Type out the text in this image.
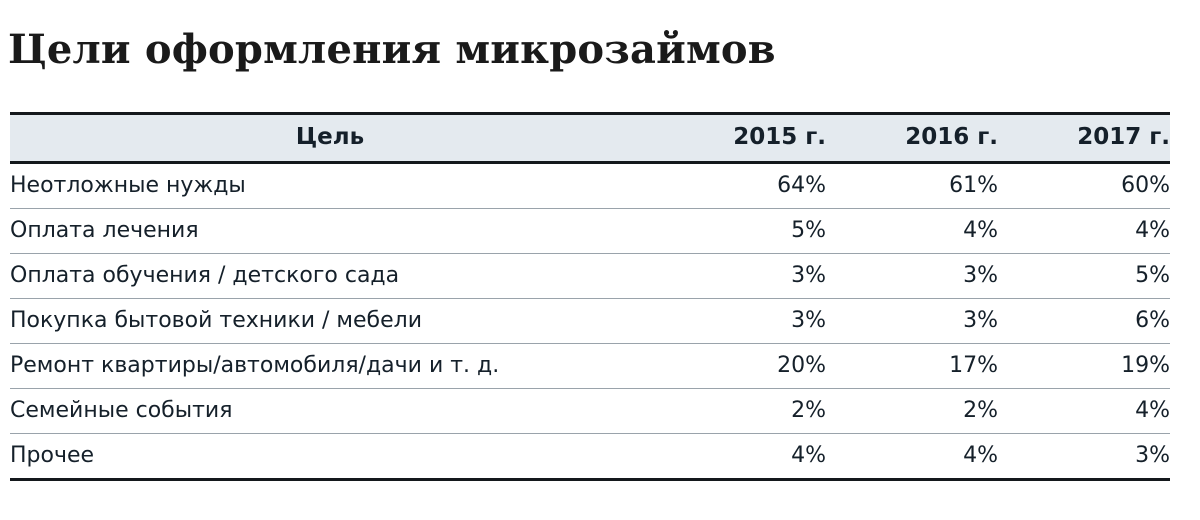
Цели оформления микрозаймов
Цель	2015 г.	2016 г.	2017 г.
Неотложные нужды	64%	61%	60%
Оплата лечения	5%	4%	4%
Оплата обучения / детского сада	3%	3%	5%
Покупка бытовой техники / мебели	3%	3%	6%
Ремонт квартиры/автомобиля/дачи и т. д.	20%	17%	19%
Семейные события	2%	2%	4%
Прочее	4%	4%	3%
